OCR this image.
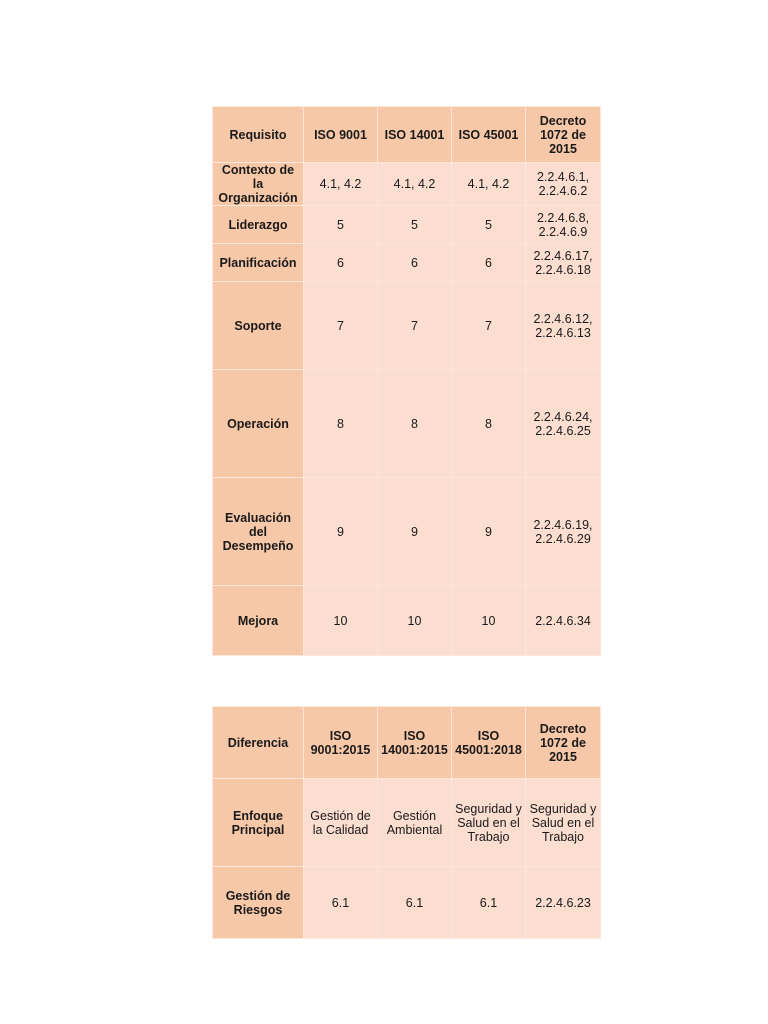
Requisito	ISO 9001	ISO 14001	ISO 45001	Decreto 1072 de 2015
Contexto de la Organización	4.1, 4.2	4.1, 4.2	4.1, 4.2	2.2.4.6.1, 2.2.4.6.2
Liderazgo	5	5	5	2.2.4.6.8, 2.2.4.6.9
Planificación	6	6	6	2.2.4.6.17, 2.2.4.6.18
Soporte	7	7	7	2.2.4.6.12, 2.2.4.6.13
Operación	8	8	8	2.2.4.6.24, 2.2.4.6.25
Evaluación del Desempeño	9	9	9	2.2.4.6.19, 2.2.4.6.29
Mejora	10	10	10	2.2.4.6.34
Diferencia	ISO 9001:2015	ISO 14001:2015	ISO 45001:2018	Decreto 1072 de 2015
Enfoque Principal	Gestión de la Calidad	Gestión Ambiental	Seguridad y Salud en el Trabajo	Seguridad y Salud en el Trabajo
Gestión de Riesgos	6.1	6.1	6.1	2.2.4.6.23
